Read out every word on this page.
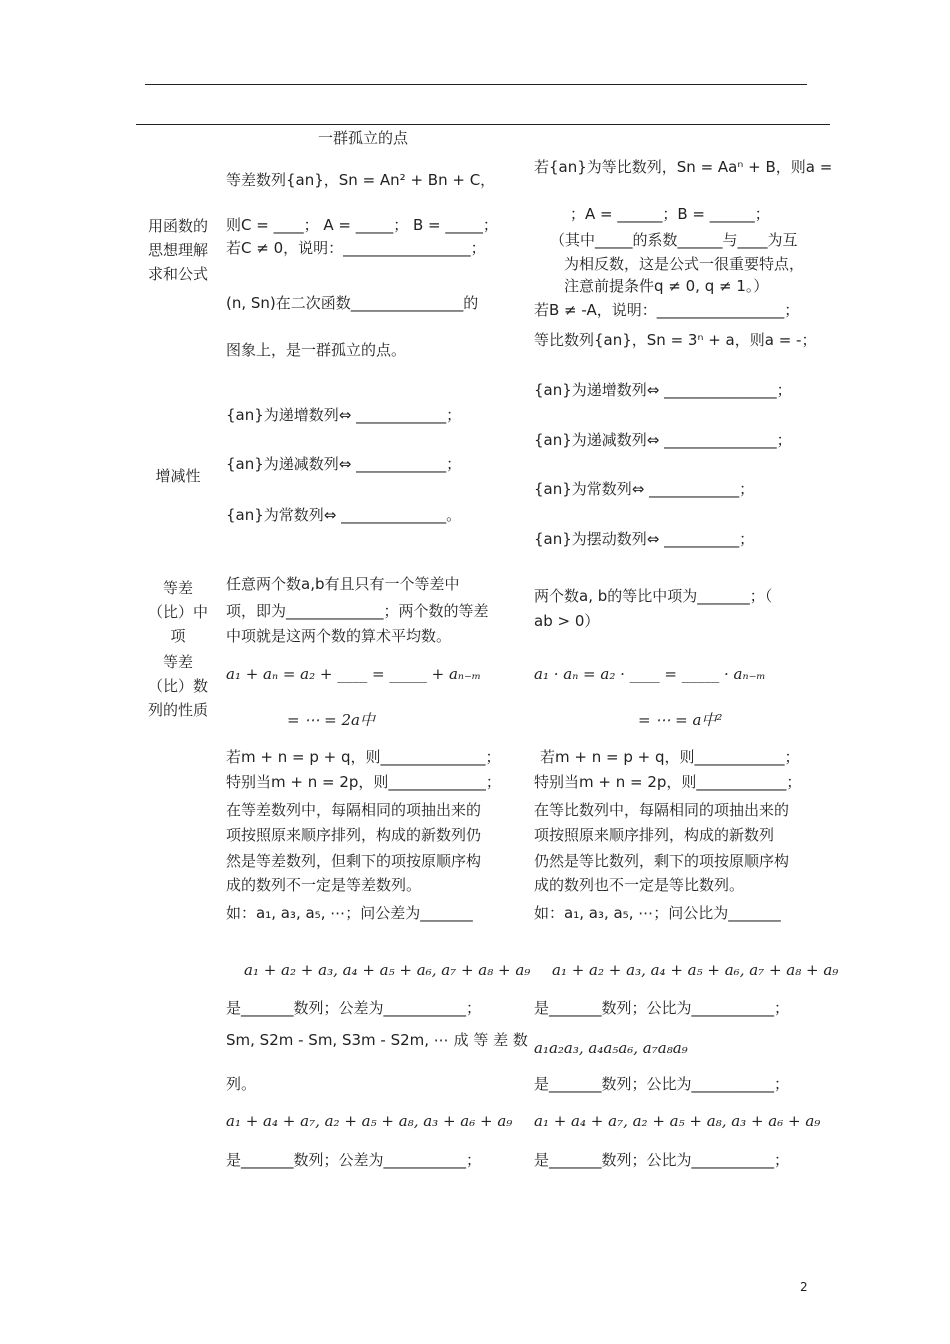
一群孤立的点
用函数的思想理解求和公式
等差数列{an}，Sn = An² + Bn + C，
则C = ____； A = _____； B = _____；
若C ≠ 0，说明：_________________；
(n, Sn)在二次函数_______________的
图象上，是一群孤立的点。
若{an}为等比数列，Sn = Aaⁿ + B，则a =
；A = ______；B = ______；
（其中_____的系数______与____为互
为相反数，这是公式一很重要特点，
注意前提条件q ≠ 0, q ≠ 1。）
若B ≠ -A，说明：_________________；
等比数列{an}，Sn = 3ⁿ + a，则a = -；
增减性
{an}为递增数列⇔ ____________；
{an}为递减数列⇔ ____________；
{an}为常数列⇔ ______________。
{an}为递增数列⇔ _______________；
{an}为递减数列⇔ _______________；
{an}为常数列⇔ ____________；
{an}为摆动数列⇔ __________；
等差（比）中项
等差（比）数列的性质
任意两个数a,b有且只有一个等差中
项，即为_____________；两个数的等差
中项就是这两个数的算术平均数。
a₁ + aₙ = a₂ + ____ = _____ + aₙ₋ₘ
= ⋯ = 2a中
若m + n = p + q，则______________；
特别当m + n = 2p，则_____________；
在等差数列中，每隔相同的项抽出来的
项按照原来顺序排列，构成的新数列仍
然是等差数列，但剩下的项按原顺序构
成的数列不一定是等差数列。
如：a₁, a₃, a₅, ⋯；问公差为_______
a₁ + a₂ + a₃, a₄ + a₅ + a₆, a₇ + a₈ + a₉
是_______数列；公差为___________；
Sm, S2m - Sm, S3m - S2m, ⋯ 成 等 差 数
列。
a₁ + a₄ + a₇, a₂ + a₅ + a₈, a₃ + a₆ + a₉
是_______数列；公差为___________；
两个数a, b的等比中项为_______；（
ab > 0）
a₁ · aₙ = a₂ · ____ = _____ · aₙ₋ₘ
= ⋯ = a中²
若m + n = p + q，则____________；
特别当m + n = 2p，则____________；
在等比数列中，每隔相同的项抽出来的
项按照原来顺序排列，构成的新数列
仍然是等比数列，剩下的项按原顺序构
成的数列也不一定是等比数列。
如：a₁, a₃, a₅, ⋯；问公比为_______
a₁ + a₂ + a₃, a₄ + a₅ + a₆, a₇ + a₈ + a₉
是_______数列；公比为___________；
a₁a₂a₃, a₄a₅a₆, a₇a₈a₉
是_______数列；公比为___________；
a₁ + a₄ + a₇, a₂ + a₅ + a₈, a₃ + a₆ + a₉
是_______数列；公比为___________；
2
